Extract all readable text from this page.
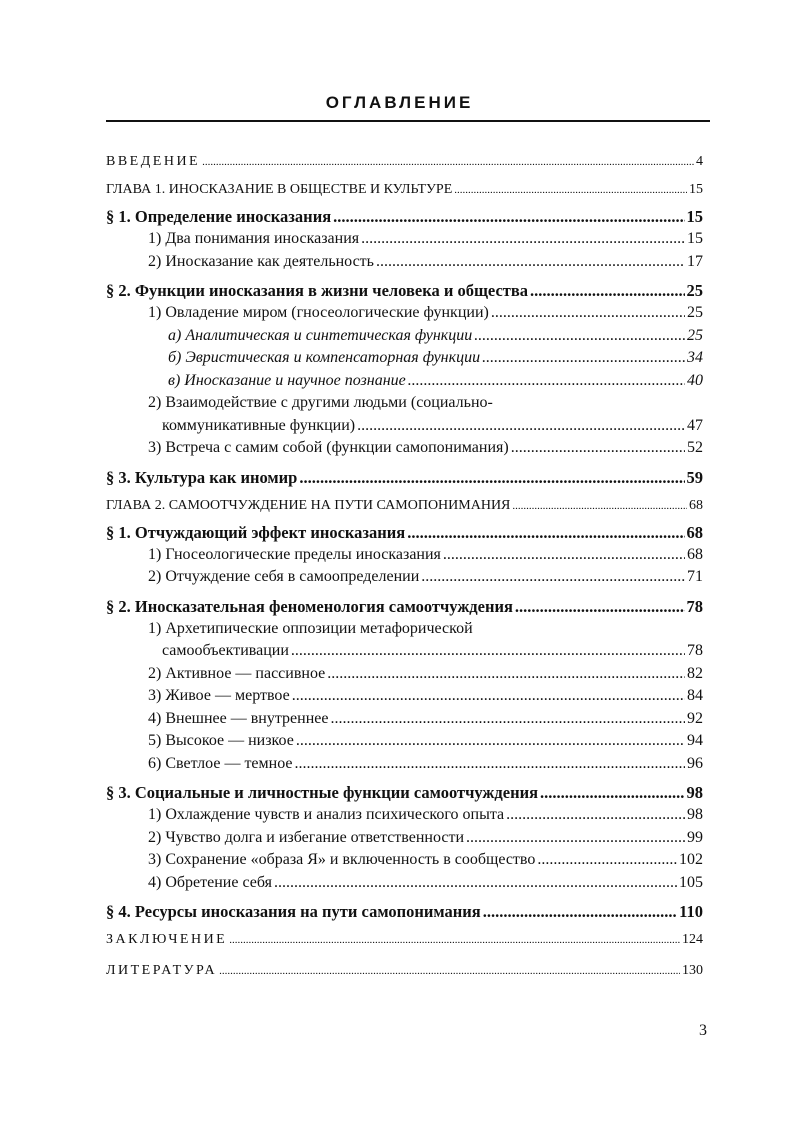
ОГЛАВЛЕНИЕ
ВВЕДЕНИЕ .....	4
ГЛАВА 1. ИНОСКАЗАНИЕ В ОБЩЕСТВЕ И КУЛЬТУРЕ .....	15
§ 1. Определение иносказания .....	15
1) Два понимания иносказания .....	15
2) Иносказание как деятельность .....	17
§ 2. Функции иносказания в жизни человека и общества .....	25
1) Овладение миром (гносеологические функции) .....	25
а) Аналитическая и синтетическая функции .....	25
б) Эвристическая и компенсаторная функции .....	34
в) Иносказание и научное познание .....	40
2) Взаимодействие с другими людьми (социально-
коммуникативные функции) .....	47
3) Встреча с самим собой (функции самопонимания) .....	52
§ 3. Культура как иномир .....	59
ГЛАВА 2. САМООТЧУЖДЕНИЕ НА ПУТИ САМОПОНИМАНИЯ .....	68
§ 1. Отчуждающий эффект иносказания .....	68
1) Гносеологические пределы иносказания .....	68
2) Отчуждение себя в самоопределении .....	71
§ 2. Иносказательная феноменология самоотчуждения .....	78
1) Архетипические оппозиции метафорической
самообъективации .....	78
2) Активное — пассивное .....	82
3) Живое — мертвое .....	84
4) Внешнее — внутреннее .....	92
5) Высокое — низкое .....	94
6) Светлое — темное .....	96
§ 3. Социальные и личностные функции самоотчуждения .....	98
1) Охлаждение чувств и анализ психического опыта .....	98
2) Чувство долга и избегание ответственности .....	99
3) Сохранение «образа Я» и включенность в сообщество .....	102
4) Обретение себя .....	105
§ 4. Ресурсы иносказания на пути самопонимания .....	110
ЗАКЛЮЧЕНИЕ .....	124
ЛИТЕРАТУРА .....	130
3
